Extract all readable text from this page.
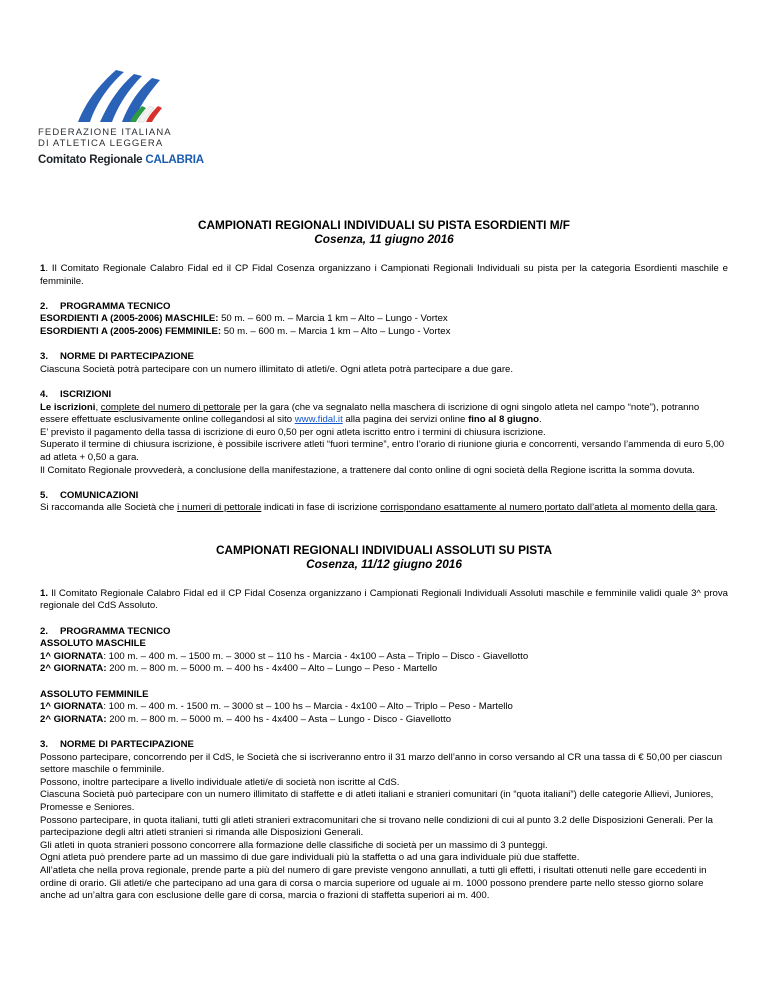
FEDERAZIONE ITALIANA
DI ATLETICA LEGGERA
Comitato Regionale CALABRIA
CAMPIONATI REGIONALI INDIVIDUALI SU PISTA ESORDIENTI M/F
Cosenza, 11 giugno 2016

1. Il Comitato Regionale Calabro Fidal ed il CP Fidal Cosenza organizzano i Campionati Regionali Individuali su pista per la categoria Esordienti maschile e femminile.

2. PROGRAMMA TECNICO

ESORDIENTI A (2005-2006) MASCHILE: 50 m. – 600 m. – Marcia 1 km – Alto – Lungo - Vortex

ESORDIENTI A (2005-2006) FEMMINILE: 50 m. – 600 m. – Marcia 1 km – Alto – Lungo - Vortex

3. NORME DI PARTECIPAZIONE

Ciascuna Società potrà partecipare con un numero illimitato di atleti/e. Ogni atleta potrà partecipare a due gare.

4. ISCRIZIONI

Le iscrizioni, complete del numero di pettorale per la gara (che va segnalato nella maschera di iscrizione di ogni singolo atleta nel campo “note”), potranno essere effettuate esclusivamente online collegandosi al sito www.fidal.it alla pagina dei servizi online fino al 8 giugno.

E’ previsto il pagamento della tassa di iscrizione di euro 0,50 per ogni atleta iscritto entro i termini di chiusura iscrizione.

Superato il termine di chiusura iscrizione, è possibile iscrivere atleti “fuori termine”, entro l’orario di riunione giuria e concorrenti, versando l’ammenda di euro 5,00 ad atleta + 0,50 a gara.

Il Comitato Regionale provvederà, a conclusione della manifestazione, a trattenere dal conto online di ogni società della Regione iscritta la somma dovuta.

5. COMUNICAZIONI

Si raccomanda alle Società che i numeri di pettorale indicati in fase di iscrizione corrispondano esattamente al numero portato dall’atleta al momento della gara.

CAMPIONATI REGIONALI INDIVIDUALI ASSOLUTI SU PISTA
Cosenza, 11/12 giugno 2016

1. Il Comitato Regionale Calabro Fidal ed il CP Fidal Cosenza organizzano i Campionati Regionali Individuali Assoluti maschile e femminile validi quale 3^ prova regionale del CdS Assoluto.

2. PROGRAMMA TECNICO

ASSOLUTO MASCHILE

1^ GIORNATA: 100 m. – 400 m. – 1500 m. – 3000 st – 110 hs - Marcia - 4x100 – Asta – Triplo – Disco - Giavellotto

2^ GIORNATA: 200 m. – 800 m. – 5000 m. – 400 hs - 4x400 – Alto – Lungo – Peso - Martello

ASSOLUTO FEMMINILE

1^ GIORNATA: 100 m. – 400 m. - 1500 m. – 3000 st – 100 hs – Marcia - 4x100 – Alto – Triplo – Peso - Martello

2^ GIORNATA: 200 m. – 800 m. – 5000 m. – 400 hs - 4x400 – Asta – Lungo - Disco - Giavellotto

3. NORME DI PARTECIPAZIONE

Possono partecipare, concorrendo per il CdS, le Società che si iscriveranno entro il 31 marzo dell’anno in corso versando al CR una tassa di € 50,00 per ciascun settore maschile o femminile.

Possono, inoltre partecipare a livello individuale atleti/e di società non iscritte al CdS.

Ciascuna Società può partecipare con un numero illimitato di staffette e di atleti italiani e stranieri comunitari (in “quota italiani”) delle categorie Allievi, Juniores, Promesse e Seniores.

Possono partecipare, in quota italiani, tutti gli atleti stranieri extracomunitari che si trovano nelle condizioni di cui al punto 3.2 delle Disposizioni Generali. Per la partecipazione degli altri atleti stranieri si rimanda alle Disposizioni Generali.

Gli atleti in quota stranieri possono concorrere alla formazione delle classifiche di società per un massimo di 3 punteggi.

Ogni atleta può prendere parte ad un massimo di due gare individuali più la staffetta o ad una gara individuale più due staffette.

All’atleta che nella prova regionale, prende parte a più del numero di gare previste vengono annullati, a tutti gli effetti, i risultati ottenuti nelle gare eccedenti in ordine di orario. Gli atleti/e che partecipano ad una gara di corsa o marcia superiore od uguale ai m. 1000 possono prendere parte nello stesso giorno solare anche ad un’altra gara con esclusione delle gare di corsa, marcia o frazioni di staffetta superiori ai m. 400.
